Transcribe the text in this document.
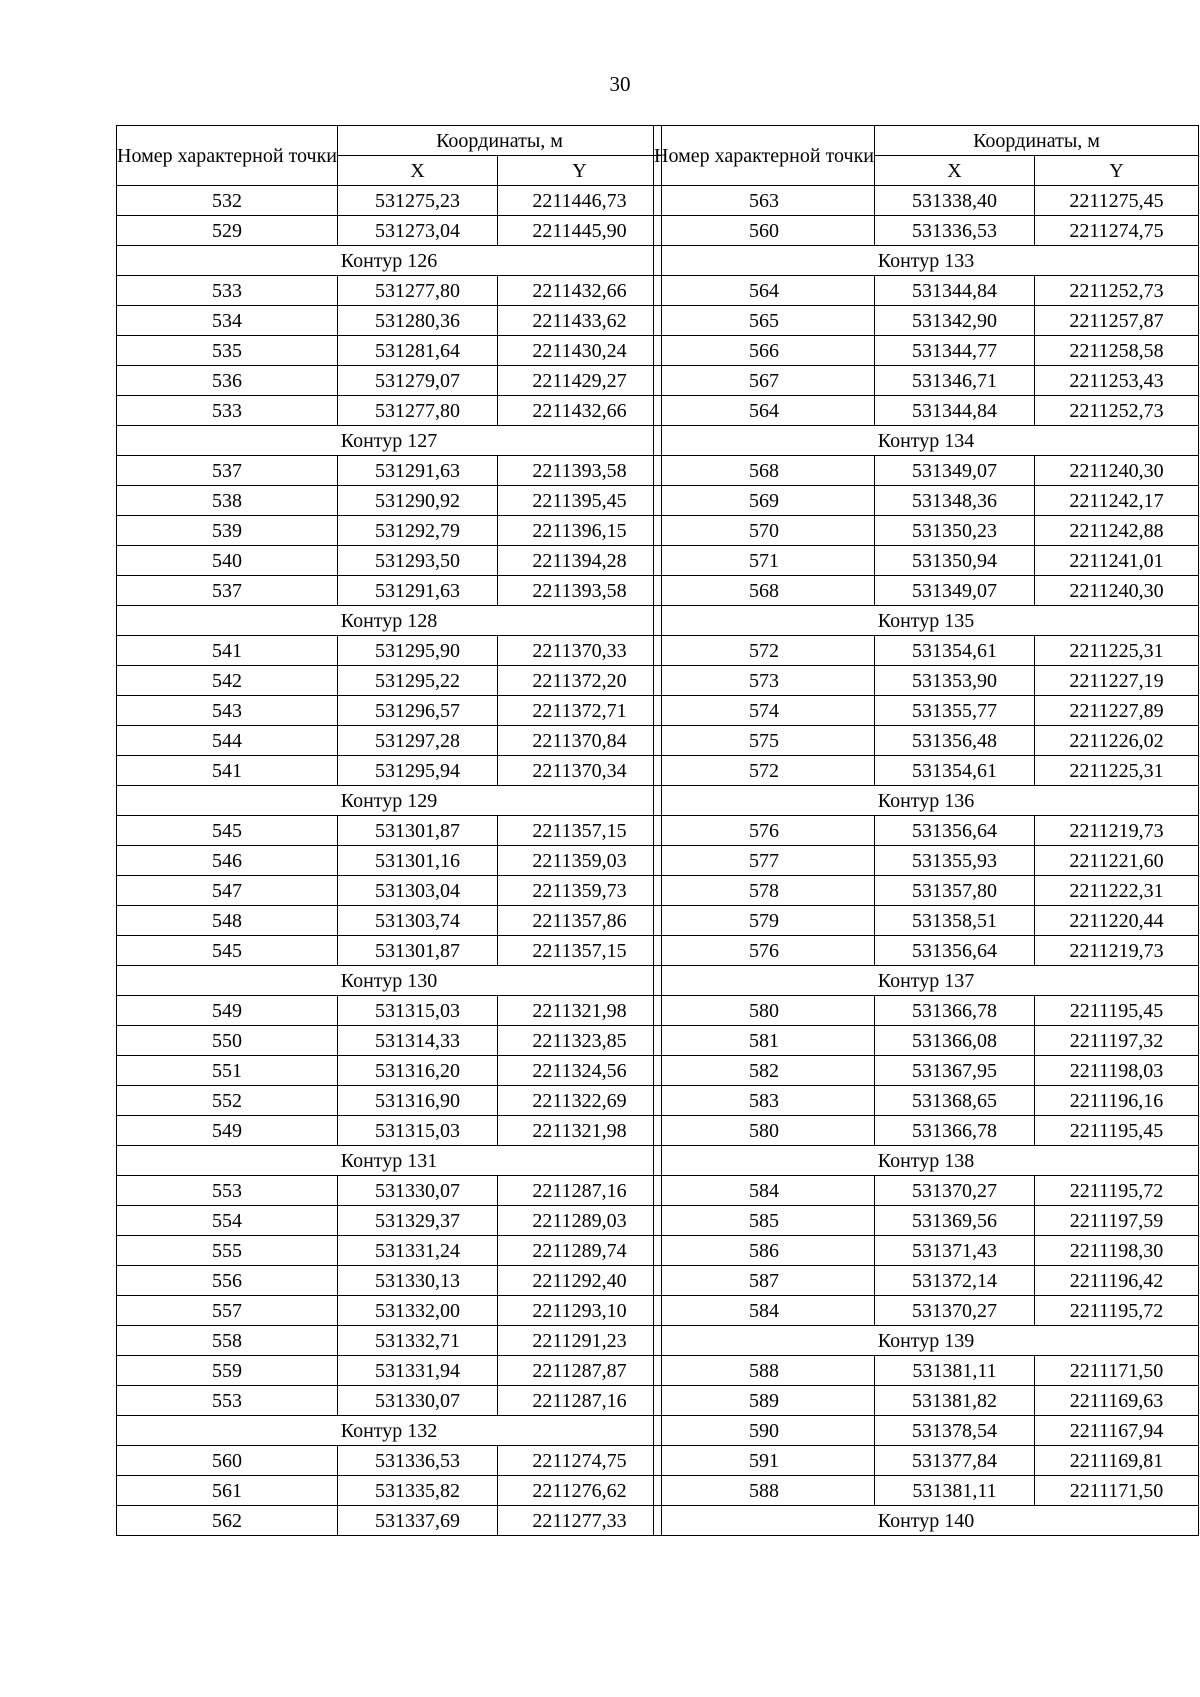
30
Номер характерной точки	Координаты, м	
	X	Y
532	531275,23	2211446,73
529	531273,04	2211445,90
Контур 126		
533	531277,80	2211432,66
534	531280,36	2211433,62
535	531281,64	2211430,24
536	531279,07	2211429,27
533	531277,80	2211432,66
Контур 127		
537	531291,63	2211393,58
538	531290,92	2211395,45
539	531292,79	2211396,15
540	531293,50	2211394,28
537	531291,63	2211393,58
Контур 128		
541	531295,90	2211370,33
542	531295,22	2211372,20
543	531296,57	2211372,71
544	531297,28	2211370,84
541	531295,94	2211370,34
Контур 129		
545	531301,87	2211357,15
546	531301,16	2211359,03
547	531303,04	2211359,73
548	531303,74	2211357,86
545	531301,87	2211357,15
Контур 130		
549	531315,03	2211321,98
550	531314,33	2211323,85
551	531316,20	2211324,56
552	531316,90	2211322,69
549	531315,03	2211321,98
Контур 131		
553	531330,07	2211287,16
554	531329,37	2211289,03
555	531331,24	2211289,74
556	531330,13	2211292,40
557	531332,00	2211293,10
558	531332,71	2211291,23
559	531331,94	2211287,87
553	531330,07	2211287,16
Контур 132		
560	531336,53	2211274,75
561	531335,82	2211276,62
562	531337,69	2211277,33
Номер характерной точки	Координаты, м	
	X	Y
563	531338,40	2211275,45
560	531336,53	2211274,75
Контур 133		
564	531344,84	2211252,73
565	531342,90	2211257,87
566	531344,77	2211258,58
567	531346,71	2211253,43
564	531344,84	2211252,73
Контур 134		
568	531349,07	2211240,30
569	531348,36	2211242,17
570	531350,23	2211242,88
571	531350,94	2211241,01
568	531349,07	2211240,30
Контур 135		
572	531354,61	2211225,31
573	531353,90	2211227,19
574	531355,77	2211227,89
575	531356,48	2211226,02
572	531354,61	2211225,31
Контур 136		
576	531356,64	2211219,73
577	531355,93	2211221,60
578	531357,80	2211222,31
579	531358,51	2211220,44
576	531356,64	2211219,73
Контур 137		
580	531366,78	2211195,45
581	531366,08	2211197,32
582	531367,95	2211198,03
583	531368,65	2211196,16
580	531366,78	2211195,45
Контур 138		
584	531370,27	2211195,72
585	531369,56	2211197,59
586	531371,43	2211198,30
587	531372,14	2211196,42
584	531370,27	2211195,72
Контур 139		
588	531381,11	2211171,50
589	531381,82	2211169,63
590	531378,54	2211167,94
591	531377,84	2211169,81
588	531381,11	2211171,50
Контур 140		
